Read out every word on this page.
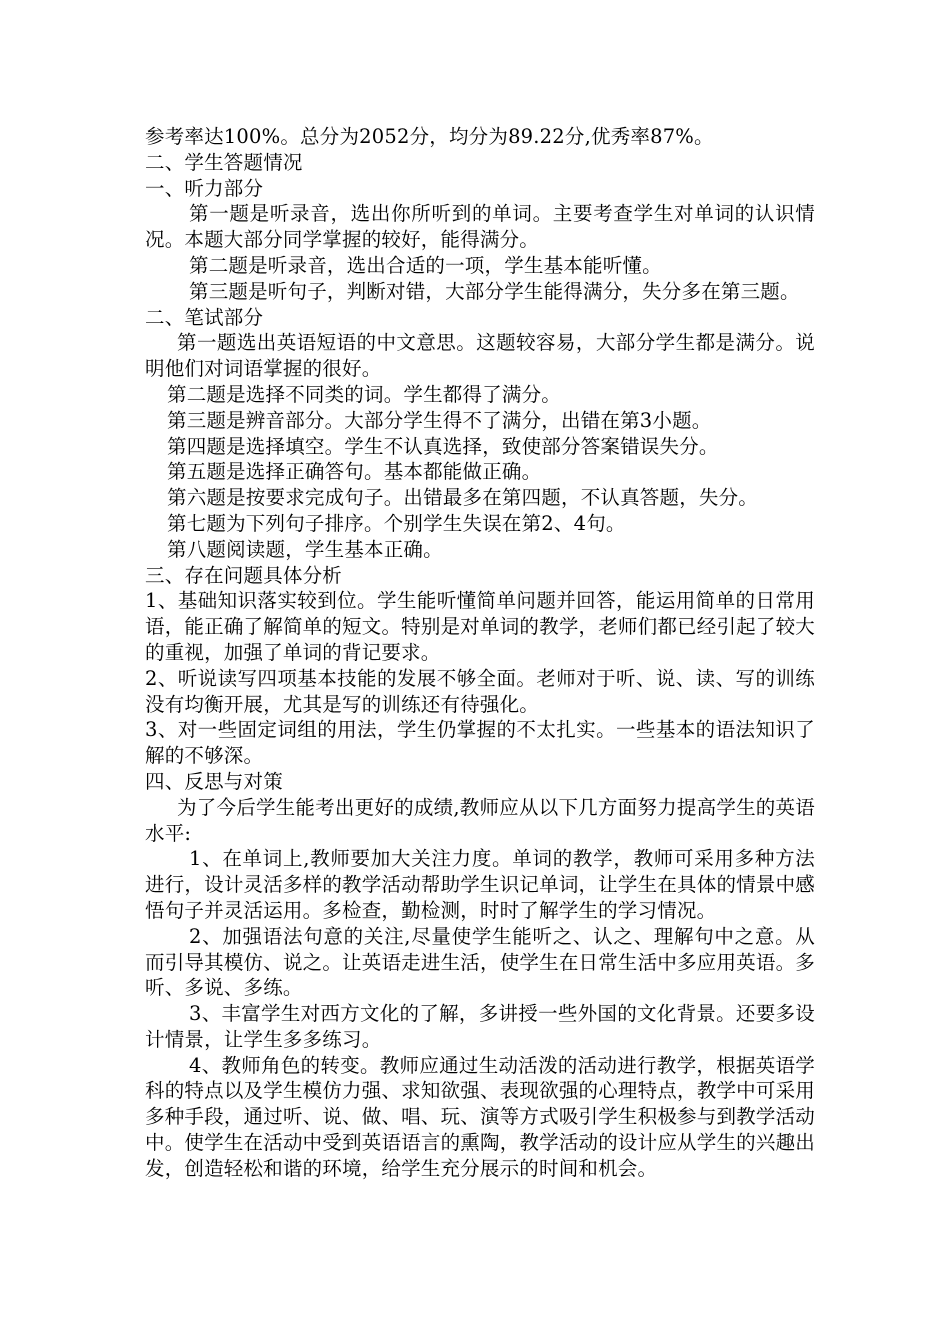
参考率达100%。总分为2052分，均分为89.22分,优秀率87%。

二、学生答题情况

一、听力部分

第一题是听录音，选出你所听到的单词。主要考查学生对单词的认识情况。本题大部分同学掌握的较好，能得满分。

第二题是听录音，选出合适的一项，学生基本能听懂。

第三题是听句子，判断对错，大部分学生能得满分，失分多在第三题。

二、笔试部分

第一题选出英语短语的中文意思。这题较容易，大部分学生都是满分。说明他们对词语掌握的很好。

第二题是选择不同类的词。学生都得了满分。

第三题是辨音部分。大部分学生得不了满分，出错在第3小题。

第四题是选择填空。学生不认真选择，致使部分答案错误失分。

第五题是选择正确答句。基本都能做正确。

第六题是按要求完成句子。出错最多在第四题，不认真答题，失分。

第七题为下列句子排序。个别学生失误在第2、4句。

第八题阅读题，学生基本正确。

三、存在问题具体分析

1、基础知识落实较到位。学生能听懂简单问题并回答，能运用简单的日常用语，能正确了解简单的短文。特别是对单词的教学，老师们都已经引起了较大的重视，加强了单词的背记要求。

2、听说读写四项基本技能的发展不够全面。老师对于听、说、读、写的训练没有均衡开展，尤其是写的训练还有待强化。

3、对一些固定词组的用法，学生仍掌握的不太扎实。一些基本的语法知识了解的不够深。

四、反思与对策

为了今后学生能考出更好的成绩,教师应从以下几方面努力提高学生的英语水平:

1、在单词上,教师要加大关注力度。单词的教学，教师可采用多种方法进行，设计灵活多样的教学活动帮助学生识记单词，让学生在具体的情景中感悟句子并灵活运用。多检查，勤检测，时时了解学生的学习情况。

2、加强语法句意的关注,尽量使学生能听之、认之、理解句中之意。从而引导其模仿、说之。让英语走进生活，使学生在日常生活中多应用英语。多听、多说、多练。

3、丰富学生对西方文化的了解，多讲授一些外国的文化背景。还要多设计情景，让学生多多练习。

4、教师角色的转变。教师应通过生动活泼的活动进行教学，根据英语学科的特点以及学生模仿力强、求知欲强、表现欲强的心理特点，教学中可采用多种手段，通过听、说、做、唱、玩、演等方式吸引学生积极参与到教学活动中。使学生在活动中受到英语语言的熏陶，教学活动的设计应从学生的兴趣出发，创造轻松和谐的环境，给学生充分展示的时间和机会。
